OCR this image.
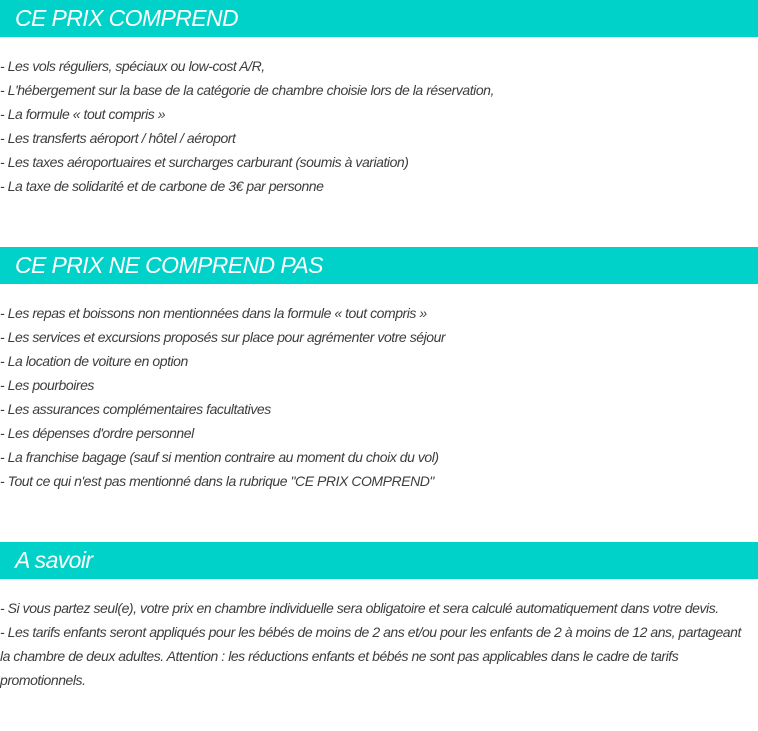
CE PRIX COMPREND
- Les vols réguliers, spéciaux ou low-cost A/R,
- L'hébergement sur la base de la catégorie de chambre choisie lors de la réservation,
- La formule « tout compris »
- Les transferts aéroport / hôtel / aéroport
- Les taxes aéroportuaires et surcharges carburant (soumis à variation)
- La taxe de solidarité et de carbone de 3€ par personne
CE PRIX NE COMPREND PAS
- Les repas et boissons non mentionnées dans la formule « tout compris »
- Les services et excursions proposés sur place pour agrémenter votre séjour
- La location de voiture en option
- Les pourboires
- Les assurances complémentaires facultatives
- Les dépenses d'ordre personnel
- La franchise bagage (sauf si mention contraire au moment du choix du vol)
- Tout ce qui n'est pas mentionné dans la rubrique "CE PRIX COMPREND"
A savoir

- Si vous partez seul(e), votre prix en chambre individuelle sera obligatoire et sera calculé automatiquement dans votre devis.

- Les tarifs enfants seront appliqués pour les bébés de moins de 2 ans et/ou pour les enfants de 2 à moins de 12 ans, partageant la chambre de deux adultes. Attention : les réductions enfants et bébés ne sont pas applicables dans le cadre de tarifs promotionnels.
